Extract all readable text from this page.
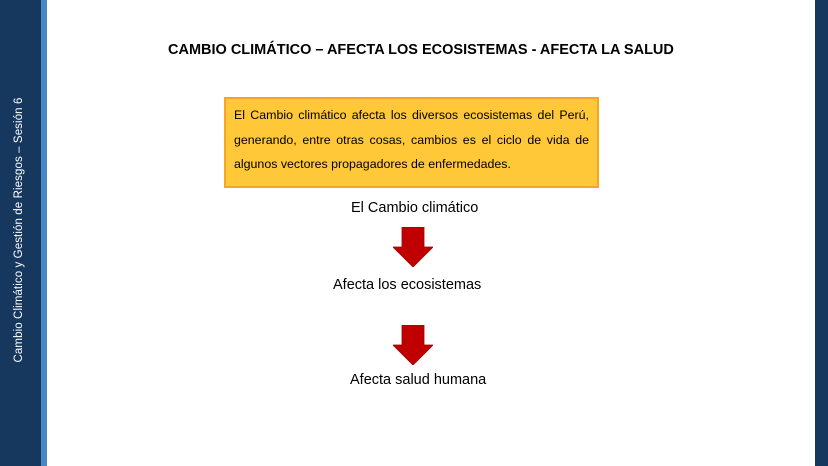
Cambio Climático y Gestión de Riesgos – Sesión 6
CAMBIO CLIMÁTICO – AFECTA LOS ECOSISTEMAS - AFECTA LA SALUD
El Cambio climático afecta los diversos ecosistemas del Perú, generando, entre otras cosas, cambios es el ciclo de vida de algunos vectores propagadores de enfermedades.
El Cambio climático
Afecta los ecosistemas
Afecta salud humana
